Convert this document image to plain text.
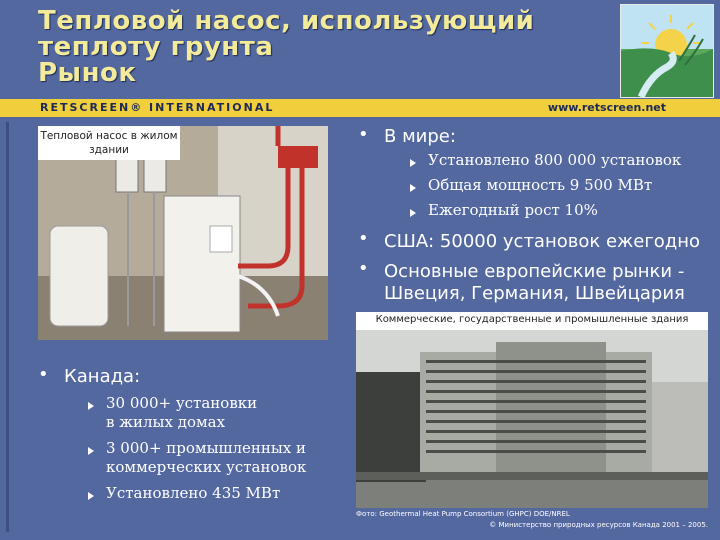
Тепловой насос, использующий
теплоту грунта
Рынок
RETSCREEN® INTERNATIONAL	www.retscreen.net
Тепловой насос в жилом здании
• В мире:
Установлено 800 000 установок
Общая мощность 9 500 МВт
Ежегодный рост 10%
• США: 50000 установок ежегодно
• Основные европейские рынки -
Швеция, Германия, Швейцария
Коммерческие, государственные и промышленные здания
• Канада:
30 000+ установки
в жилых домах
3 000+ промышленных и
коммерческих установок
Установлено 435 МВт
Фото: Geothermal Heat Pump Consortium (GHPC) DOE/NREL
© Министерство природных ресурсов Канада 2001 – 2005.
